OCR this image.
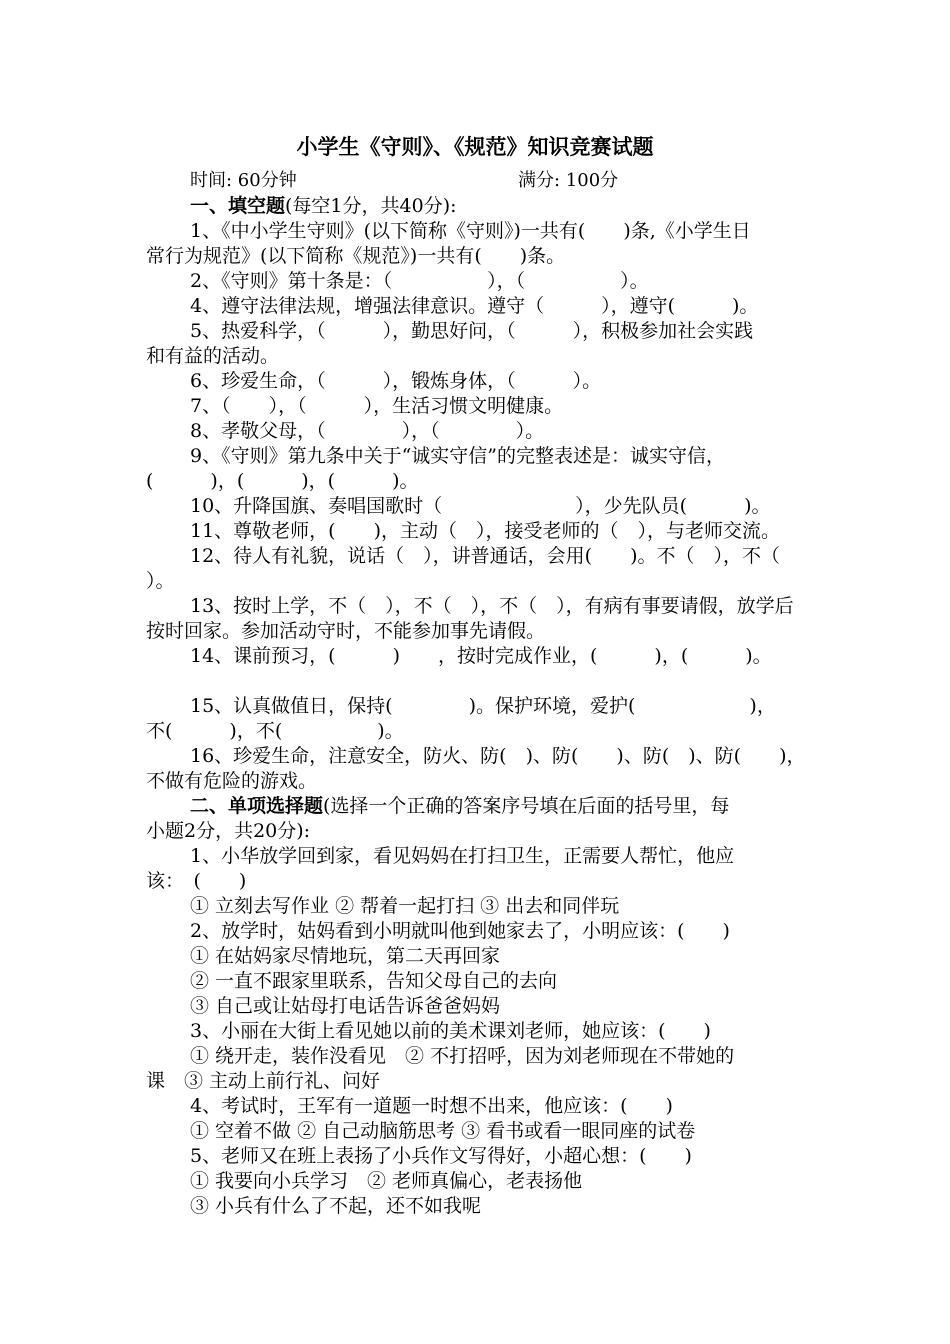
小学生《守则》、《规范》知识竞赛试题
时间: 60分钟	满分: 100分

一、填空题(每空1分，共40分):

1、《中小学生守则》(以下简称《守则》)一共有(　　)条,《小学生日

常行为规范》(以下简称《规范》)一共有(　　)条。

2、《守则》第十条是：（　　　　　），（　　　　　）。

4、遵守法律法规，增强法律意识。遵守（　　　），遵守(　　　)。

5、热爱科学，（　　　），勤思好问，（　　　），积极参加社会实践

和有益的活动。

6、珍爱生命，（　　　），锻炼身体，（　　　）。

7、（　　），（　　　），生活习惯文明健康。

8、孝敬父母，（　　　　），（　　　　）。

9、《守则》第九条中关于“诚实守信”的完整表述是：诚实守信，

(　　　)，(　　　)，(　　　)。

10、升降国旗、奏唱国歌时（　　　　　　　），少先队员(　　　)。

11、尊敬老师，(　　)，主动（　），接受老师的（　），与老师交流。

12、待人有礼貌，说话（　），讲普通话，会用(　　)。不（　），不（

）。

13、按时上学，不（　），不（　），不（　），有病有事要请假，放学后

按时回家。参加活动守时，不能参加事先请假。

14、课前预习，(　　　)　　，按时完成作业，(　　　)，(　　　)。

15、认真做值日，保持(　　　　)。保护环境，爱护(　　　　　　)，

不(　　　)，不(　　　　　)。

16、珍爱生命，注意安全，防火、防(　)、防(　　)、防(　)、防(　　)，

不做有危险的游戏。

二、单项选择题(选择一个正确的答案序号填在后面的括号里，每

小题2分，共20分):

1、小华放学回到家，看见妈妈在打扫卫生，正需要人帮忙，他应

该：　(　　)

① 立刻去写作业 ② 帮着一起打扫 ③ 出去和同伴玩

2、放学时，姑妈看到小明就叫他到她家去了，小明应该：(　　)

① 在姑妈家尽情地玩，第二天再回家

② 一直不跟家里联系，告知父母自己的去向

③ 自己或让姑母打电话告诉爸爸妈妈

3、小丽在大街上看见她以前的美术课刘老师，她应该：(　　)

① 绕开走，装作没看见　② 不打招呼，因为刘老师现在不带她的

课　③ 主动上前行礼、问好

4、考试时，王军有一道题一时想不出来，他应该：(　　)

① 空着不做 ② 自己动脑筋思考 ③ 看书或看一眼同座的试卷

5、老师又在班上表扬了小兵作文写得好，小超心想：(　　)

① 我要向小兵学习　② 老师真偏心，老表扬他

③ 小兵有什么了不起，还不如我呢
